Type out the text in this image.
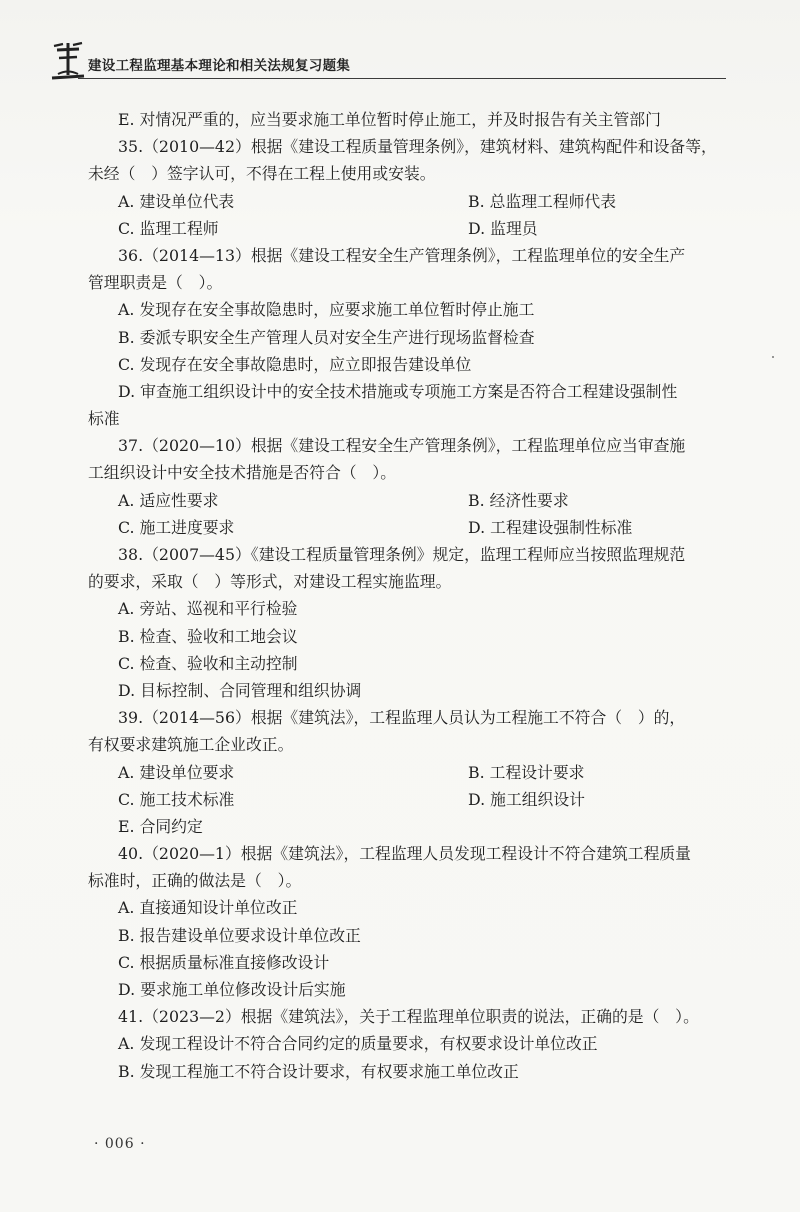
建设工程监理基本理论和相关法规复习题集
E. 对情况严重的，应当要求施工单位暂时停止施工，并及时报告有关主管部门
35.（2010—42）根据《建设工程质量管理条例》，建筑材料、建筑构配件和设备等，
未经（　）签字认可，不得在工程上使用或安装。
A. 建设单位代表	B. 总监理工程师代表
C. 监理工程师	D. 监理员
36.（2014—13）根据《建设工程安全生产管理条例》，工程监理单位的安全生产
管理职责是（　）。
A. 发现存在安全事故隐患时，应要求施工单位暂时停止施工
B. 委派专职安全生产管理人员对安全生产进行现场监督检查
C. 发现存在安全事故隐患时，应立即报告建设单位
D. 审查施工组织设计中的安全技术措施或专项施工方案是否符合工程建设强制性
标准
37.（2020—10）根据《建设工程安全生产管理条例》，工程监理单位应当审查施
工组织设计中安全技术措施是否符合（　）。
A. 适应性要求	B. 经济性要求
C. 施工进度要求	D. 工程建设强制性标准
38.（2007—45）《建设工程质量管理条例》规定，监理工程师应当按照监理规范
的要求，采取（　）等形式，对建设工程实施监理。
A. 旁站、巡视和平行检验
B. 检查、验收和工地会议
C. 检查、验收和主动控制
D. 目标控制、合同管理和组织协调
39.（2014—56）根据《建筑法》，工程监理人员认为工程施工不符合（　）的，
有权要求建筑施工企业改正。
A. 建设单位要求	B. 工程设计要求
C. 施工技术标准	D. 施工组织设计
E. 合同约定
40.（2020—1）根据《建筑法》，工程监理人员发现工程设计不符合建筑工程质量
标准时，正确的做法是（　）。
A. 直接通知设计单位改正
B. 报告建设单位要求设计单位改正
C. 根据质量标准直接修改设计
D. 要求施工单位修改设计后实施
41.（2023—2）根据《建筑法》，关于工程监理单位职责的说法，正确的是（　）。
A. 发现工程设计不符合合同约定的质量要求，有权要求设计单位改正
B. 发现工程施工不符合设计要求，有权要求施工单位改正
· 006 ·
